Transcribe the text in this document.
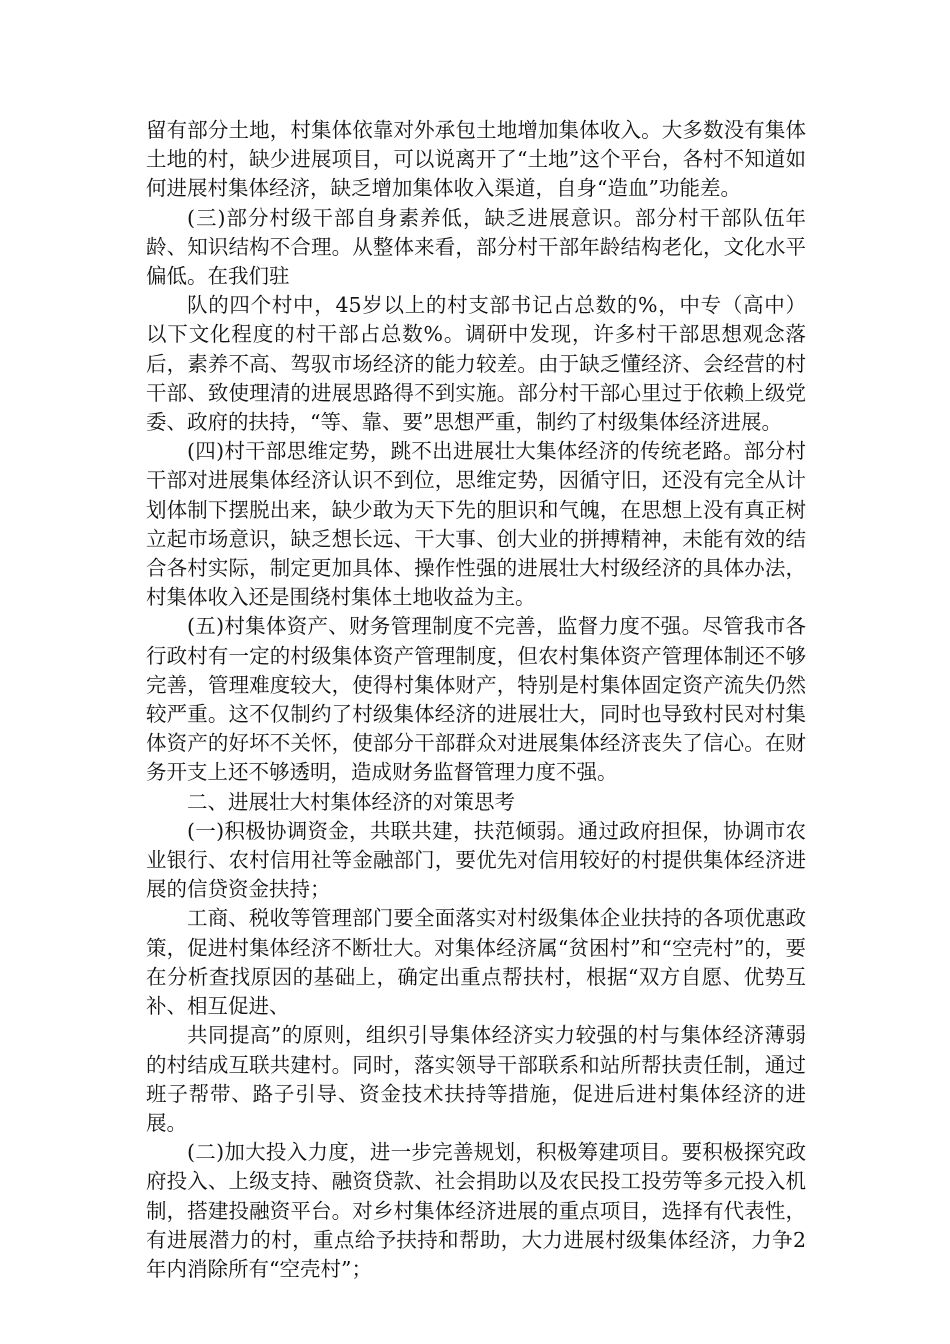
留有部分土地，村集体依靠对外承包土地增加集体收入。大多数没有集体土地的村，缺少进展项目，可以说离开了“土地”这个平台，各村不知道如何进展村集体经济，缺乏增加集体收入渠道，自身“造血”功能差。

(三)部分村级干部自身素养低，缺乏进展意识。部分村干部队伍年龄、知识结构不合理。从整体来看，部分村干部年龄结构老化，文化水平偏低。在我们驻

队的四个村中，45岁以上的村支部书记占总数的%，中专（高中）以下文化程度的村干部占总数%。调研中发现，许多村干部思想观念落后，素养不高、驾驭市场经济的能力较差。由于缺乏懂经济、会经营的村干部、致使理清的进展思路得不到实施。部分村干部心里过于依赖上级党委、政府的扶持，“等、靠、要”思想严重，制约了村级集体经济进展。

(四)村干部思维定势，跳不出进展壮大集体经济的传统老路。部分村干部对进展集体经济认识不到位，思维定势，因循守旧，还没有完全从计划体制下摆脱出来，缺少敢为天下先的胆识和气魄，在思想上没有真正树立起市场意识，缺乏想长远、干大事、创大业的拼搏精神，未能有效的结合各村实际，制定更加具体、操作性强的进展壮大村级经济的具体办法，村集体收入还是围绕村集体土地收益为主。

(五)村集体资产、财务管理制度不完善，监督力度不强。尽管我市各行政村有一定的村级集体资产管理制度，但农村集体资产管理体制还不够完善，管理难度较大，使得村集体财产，特别是村集体固定资产流失仍然较严重。这不仅制约了村级集体经济的进展壮大，同时也导致村民对村集体资产的好坏不关怀，使部分干部群众对进展集体经济丧失了信心。在财务开支上还不够透明，造成财务监督管理力度不强。

二、进展壮大村集体经济的对策思考

(一)积极协调资金，共联共建，扶范倾弱。通过政府担保，协调市农业银行、农村信用社等金融部门，要优先对信用较好的村提供集体经济进展的信贷资金扶持；

工商、税收等管理部门要全面落实对村级集体企业扶持的各项优惠政策，促进村集体经济不断壮大。对集体经济属“贫困村”和“空壳村”的，要在分析查找原因的基础上，确定出重点帮扶村，根据“双方自愿、优势互补、相互促进、

共同提高”的原则，组织引导集体经济实力较强的村与集体经济薄弱的村结成互联共建村。同时，落实领导干部联系和站所帮扶责任制，通过班子帮带、路子引导、资金技术扶持等措施，促进后进村集体经济的进展。

(二)加大投入力度，进一步完善规划，积极筹建项目。要积极探究政府投入、上级支持、融资贷款、社会捐助以及农民投工投劳等多元投入机制，搭建投融资平台。对乡村集体经济进展的重点项目，选择有代表性，有进展潜力的村，重点给予扶持和帮助，大力进展村级集体经济，力争2年内消除所有“空壳村”；
